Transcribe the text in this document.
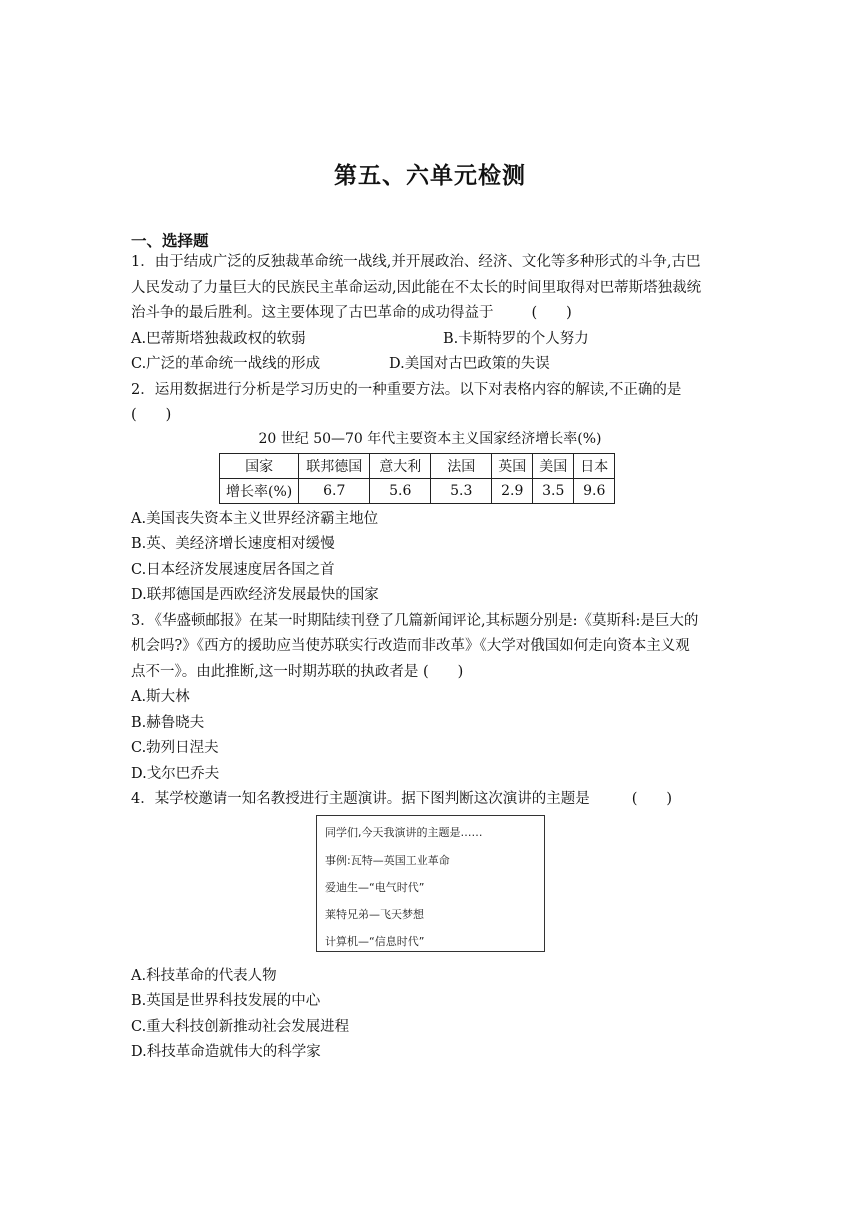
第五、六单元检测
一、选择题
1．由于结成广泛的反独裁革命统一战线,并开展政治、经济、文化等多种形式的斗争,古巴
人民发动了力量巨大的民族民主革命运动,因此能在不太长的时间里取得对巴蒂斯塔独裁统
治斗争的最后胜利。这主要体现了古巴革命的成功得益于	(　　)
A.巴蒂斯塔独裁政权的软弱	B.卡斯特罗的个人努力
C.广泛的革命统一战线的形成	D.美国对古巴政策的失误
2．运用数据进行分析是学习历史的一种重要方法。以下对表格内容的解读,不正确的是
(　　)
20 世纪 50—70 年代主要资本主义国家经济增长率(%)
国家	联邦德国	意大利	法国	英国	美国	日本
增长率(%)	6.7	5.6	5.3	2.9	3.5	9.6
A.美国丧失资本主义世界经济霸主地位
B.英、美经济增长速度相对缓慢
C.日本经济发展速度居各国之首
D.联邦德国是西欧经济发展最快的国家
3．《华盛顿邮报》在某一时期陆续刊登了几篇新闻评论,其标题分别是:《莫斯科:是巨大的
机会吗?》《西方的援助应当使苏联实行改造而非改革》《大学对俄国如何走向资本主义观
点不一》。由此推断,这一时期苏联的执政者是 (　　)
A.斯大林
B.赫鲁晓夫
C.勃列日涅夫
D.戈尔巴乔夫
4．某学校邀请一知名教授进行主题演讲。据下图判断这次演讲的主题是	(　　)
同学们,今天我演讲的主题是……
事例:瓦特—英国工业革命
爱迪生—“电气时代”
莱特兄弟—飞天梦想
计算机—“信息时代”
A.科技革命的代表人物
B.英国是世界科技发展的中心
C.重大科技创新推动社会发展进程
D.科技革命造就伟大的科学家
